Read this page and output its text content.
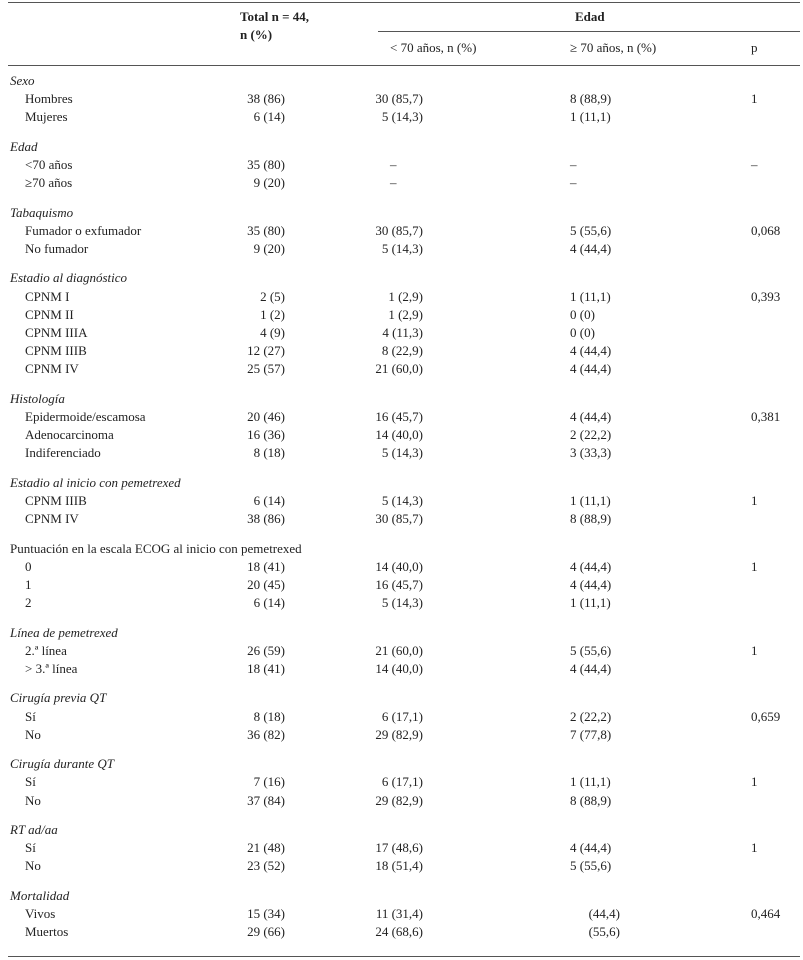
Total n = 44,
n (%)
Edad
< 70 años, n (%)	≥ 70 años, n (%)	p
Sexo
Hombres	38 (86)	30 (85,7)	8 (88,9)	1
Mujeres	6 (14)	5 (14,3)	1 (11,1)
Edad
<70 años	35 (80)	–	–	–
≥70 años	9 (20)	–	–
Tabaquismo
Fumador o exfumador	35 (80)	30 (85,7)	5 (55,6)	0,068
No fumador	9 (20)	5 (14,3)	4 (44,4)
Estadio al diagnóstico
CPNM I	2 (5)	1 (2,9)	1 (11,1)	0,393
CPNM II	1 (2)	1 (2,9)	0 (0)
CPNM IIIA	4 (9)	4 (11,3)	0 (0)
CPNM IIIB	12 (27)	8 (22,9)	4 (44,4)
CPNM IV	25 (57)	21 (60,0)	4 (44,4)
Histología
Epidermoide/escamosa	20 (46)	16 (45,7)	4 (44,4)	0,381
Adenocarcinoma	16 (36)	14 (40,0)	2 (22,2)
Indiferenciado	8 (18)	5 (14,3)	3 (33,3)
Estadio al inicio con pemetrexed
CPNM IIIB	6 (14)	5 (14,3)	1 (11,1)	1
CPNM IV	38 (86)	30 (85,7)	8 (88,9)
Puntuación en la escala ECOG al inicio con pemetrexed
0	18 (41)	14 (40,0)	4 (44,4)	1
1	20 (45)	16 (45,7)	4 (44,4)
2	6 (14)	5 (14,3)	1 (11,1)
Línea de pemetrexed
2.ª línea	26 (59)	21 (60,0)	5 (55,6)	1
> 3.ª línea	18 (41)	14 (40,0)	4 (44,4)
Cirugía previa QT
Sí	8 (18)	6 (17,1)	2 (22,2)	0,659
No	36 (82)	29 (82,9)	7 (77,8)
Cirugía durante QT
Sí	7 (16)	6 (17,1)	1 (11,1)	1
No	37 (84)	29 (82,9)	8 (88,9)
RT ad/aa
Sí	21 (48)	17 (48,6)	4 (44,4)	1
No	23 (52)	18 (51,4)	5 (55,6)
Mortalidad
Vivos	15 (34)	11 (31,4)	(44,4)	0,464
Muertos	29 (66)	24 (68,6)	(55,6)
